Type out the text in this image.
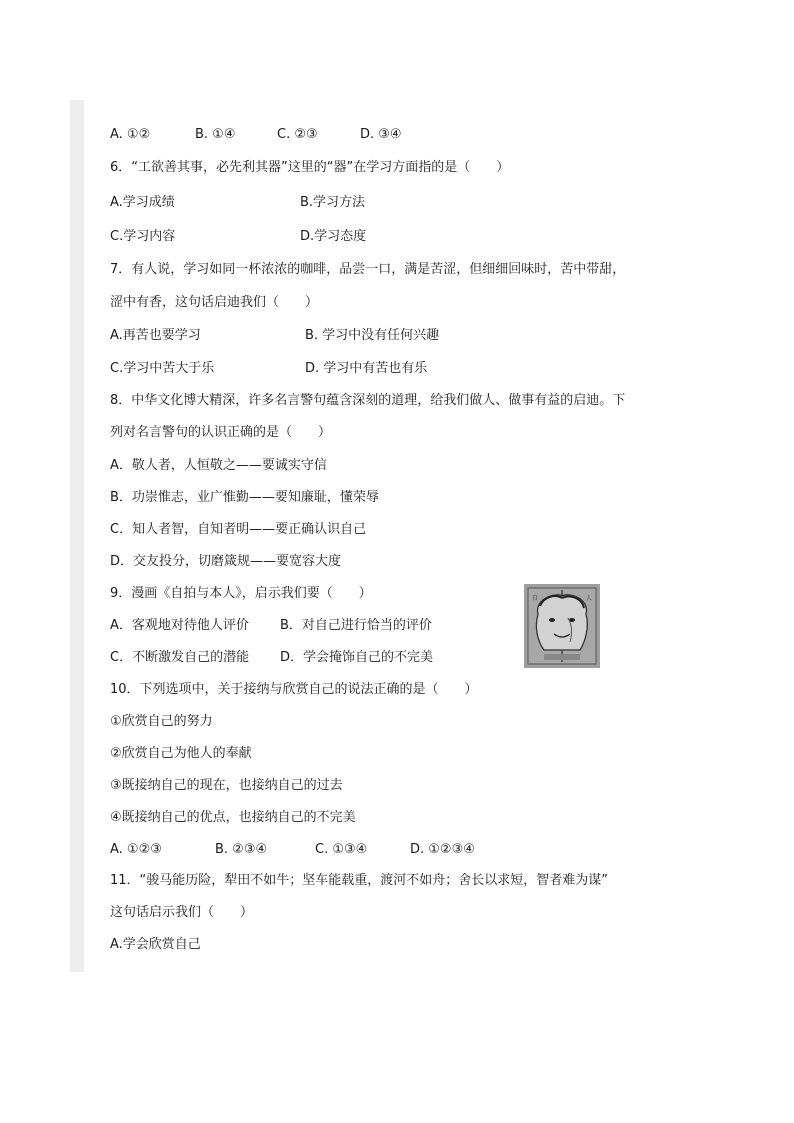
A. ①②	B. ①④	C. ②③	D. ③④
6．“工欲善其事，必先利其器”这里的“器”在学习方面指的是（　　）
A.学习成绩	B.学习方法
C.学习内容	D.学习态度
7．有人说，学习如同一杯浓浓的咖啡，品尝一口，满是苦涩，但细细回味时，苦中带甜，
涩中有香，这句话启迪我们（　　）
A.再苦也要学习	B. 学习中没有任何兴趣
C.学习中苦大于乐	D. 学习中有苦也有乐
8．中华文化博大精深，许多名言警句蕴含深刻的道理，给我们做人、做事有益的启迪。下
列对名言警句的认识正确的是（　　）
A．敬人者，人恒敬之——要诚实守信
B．功崇惟志，业广惟勤——要知廉耻，懂荣辱
C．知人者智，自知者明——要正确认识自己
D．交友投分，切磨箴规——要宽容大度
9．漫画《自拍与本人》，启示我们要（　　）
A．客观地对待他人评价 B．对自己进行恰当的评价
C．不断激发自己的潜能 D．学会掩饰自己的不完美
自	人
10．下列选项中，关于接纳与欣赏自己的说法正确的是（　　）
①欣赏自己的努力
②欣赏自己为他人的奉献
③既接纳自己的现在，也接纳自己的过去
④既接纳自己的优点，也接纳自己的不完美
A. ①②③	B. ②③④	C. ①③④	D. ①②③④
11．“骏马能历险，犁田不如牛；坚车能载重，渡河不如舟；舍长以求短，智者难为谋”
这句话启示我们（　　）
A.学会欣赏自己
